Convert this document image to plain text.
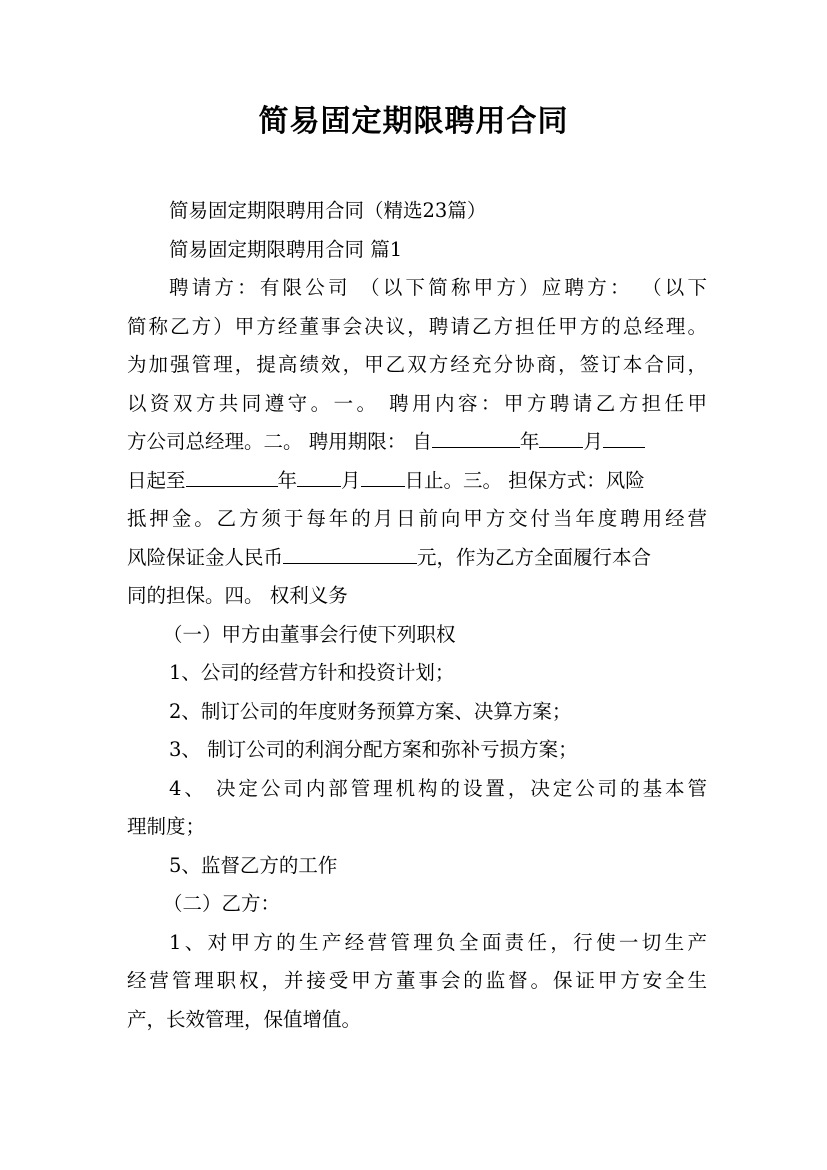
简易固定期限聘用合同
简易固定期限聘用合同（精选23篇）
简易固定期限聘用合同 篇1
聘请方：有限公司 （以下简称甲方）应聘方： （以下
简称乙方）甲方经董事会决议，聘请乙方担任甲方的总经理。
为加强管理，提高绩效，甲乙双方经充分协商，签订本合同，
以资双方共同遵守。一。 聘用内容：甲方聘请乙方担任甲
方公司总经理。二。 聘用期限： 自	年 月
日起至	年 月 日止。三。 担保方式：风险
抵押金。乙方须于每年的月日前向甲方交付当年度聘用经营
风险保证金人民币	元，作为乙方全面履行本合
同的担保。四。 权利义务
（一）甲方由董事会行使下列职权
1、公司的经营方针和投资计划；
2、制订公司的年度财务预算方案、决算方案；
3、 制订公司的利润分配方案和弥补亏损方案；
4、 决定公司内部管理机构的设置，决定公司的基本管
理制度；
5、监督乙方的工作
（二）乙方：
1、对甲方的生产经营管理负全面责任，行使一切生产
经营管理职权，并接受甲方董事会的监督。保证甲方安全生
产，长效管理，保值增值。
